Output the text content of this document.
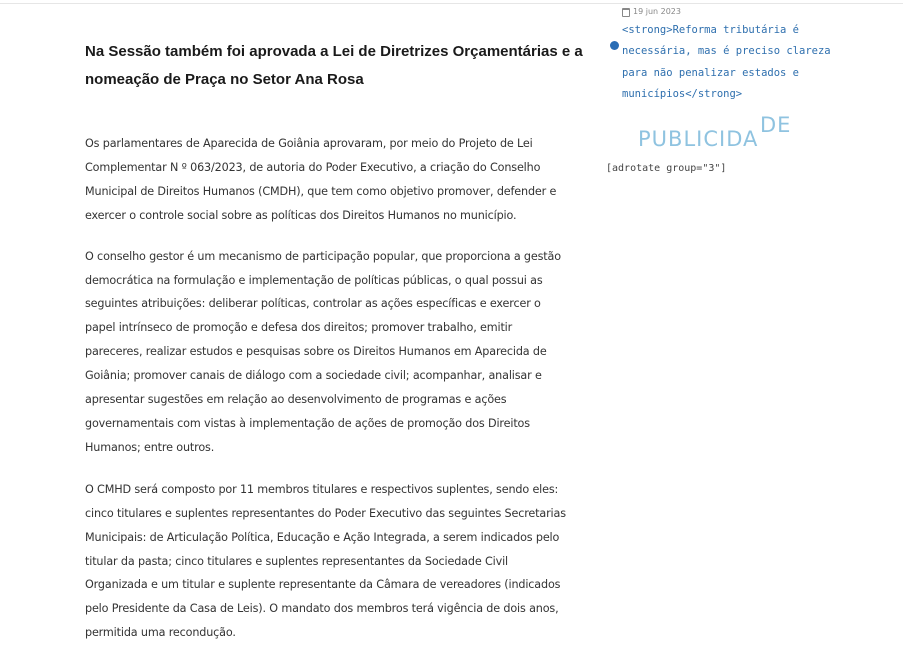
Na Sessão também foi aprovada a Lei de Diretrizes Orçamentárias e a
nomeação de Praça no Setor Ana Rosa

Os parlamentares de Aparecida de Goiânia aprovaram, por meio do Projeto de Lei
Complementar N º 063/2023, de autoria do Poder Executivo, a criação do Conselho
Municipal de Direitos Humanos (CMDH), que tem como objetivo promover, defender e
exercer o controle social sobre as políticas dos Direitos Humanos no município.

O conselho gestor é um mecanismo de participação popular, que proporciona a gestão
democrática na formulação e implementação de políticas públicas, o qual possui as
seguintes atribuições: deliberar políticas, controlar as ações específicas e exercer o
papel intrínseco de promoção e defesa dos direitos; promover trabalho, emitir
pareceres, realizar estudos e pesquisas sobre os Direitos Humanos em Aparecida de
Goiânia; promover canais de diálogo com a sociedade civil; acompanhar, analisar e
apresentar sugestões em relação ao desenvolvimento de programas e ações
governamentais com vistas à implementação de ações de promoção dos Direitos
Humanos; entre outros.

O CMHD será composto por 11 membros titulares e respectivos suplentes, sendo eles:
cinco titulares e suplentes representantes do Poder Executivo das seguintes Secretarias
Municipais: de Articulação Política, Educação e Ação Integrada, a serem indicados pelo
titular da pasta; cinco titulares e suplentes representantes da Sociedade Civil
Organizada e um titular e suplente representante da Câmara de vereadores (indicados
pelo Presidente da Casa de Leis). O mandato dos membros terá vigência de dois anos,
permitida uma recondução.

19 jun 2023
<strong>Reforma tributária é
necessária, mas é preciso clareza
para não penalizar estados e
municípios</strong>
PUBLICIDA
DE
[adrotate group="3"]
